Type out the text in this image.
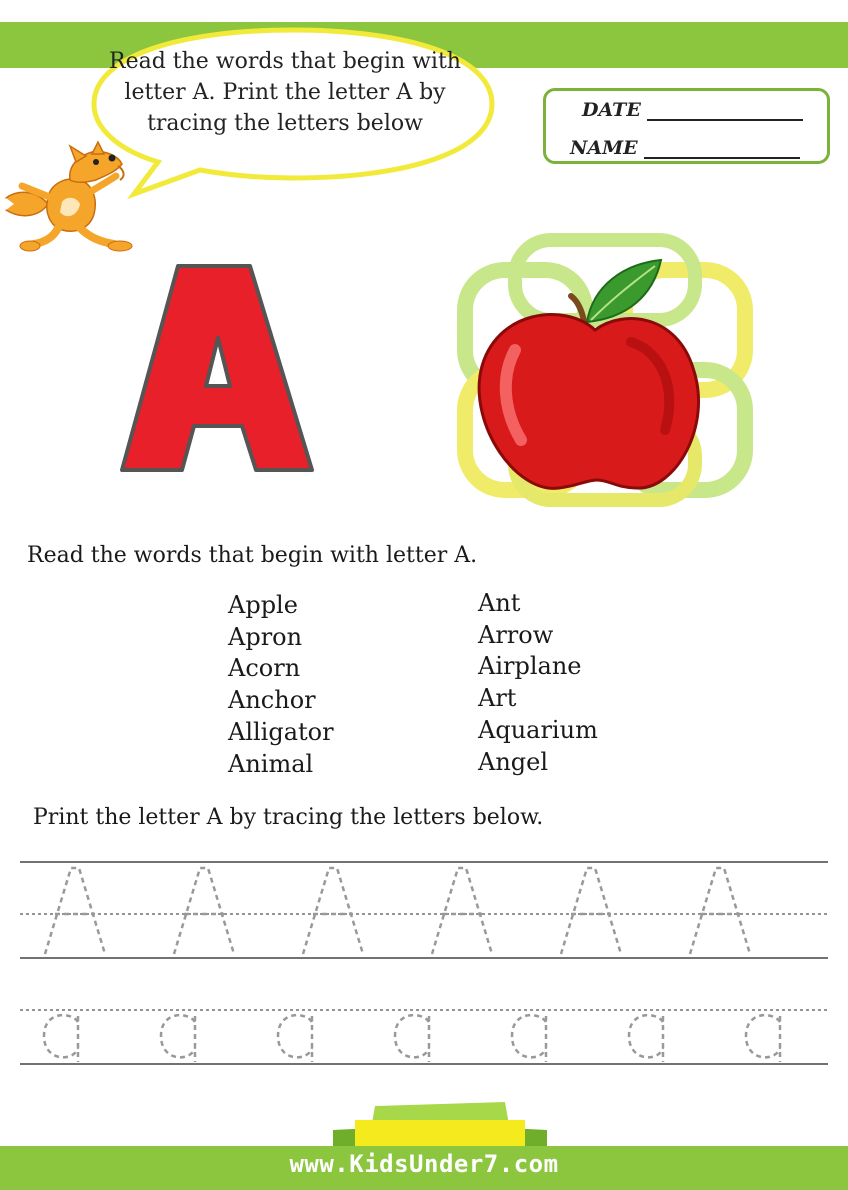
Read the words that begin with letter A. Print the letter A by tracing the letters below
DATE
NAME
Read the words that begin with letter A.
Apple
Apron
Acorn
Anchor
Alligator
Animal
Ant
Arrow
Airplane
Art
Aquarium
Angel
Print the letter A by tracing the letters below.
www.KidsUnder7.com
